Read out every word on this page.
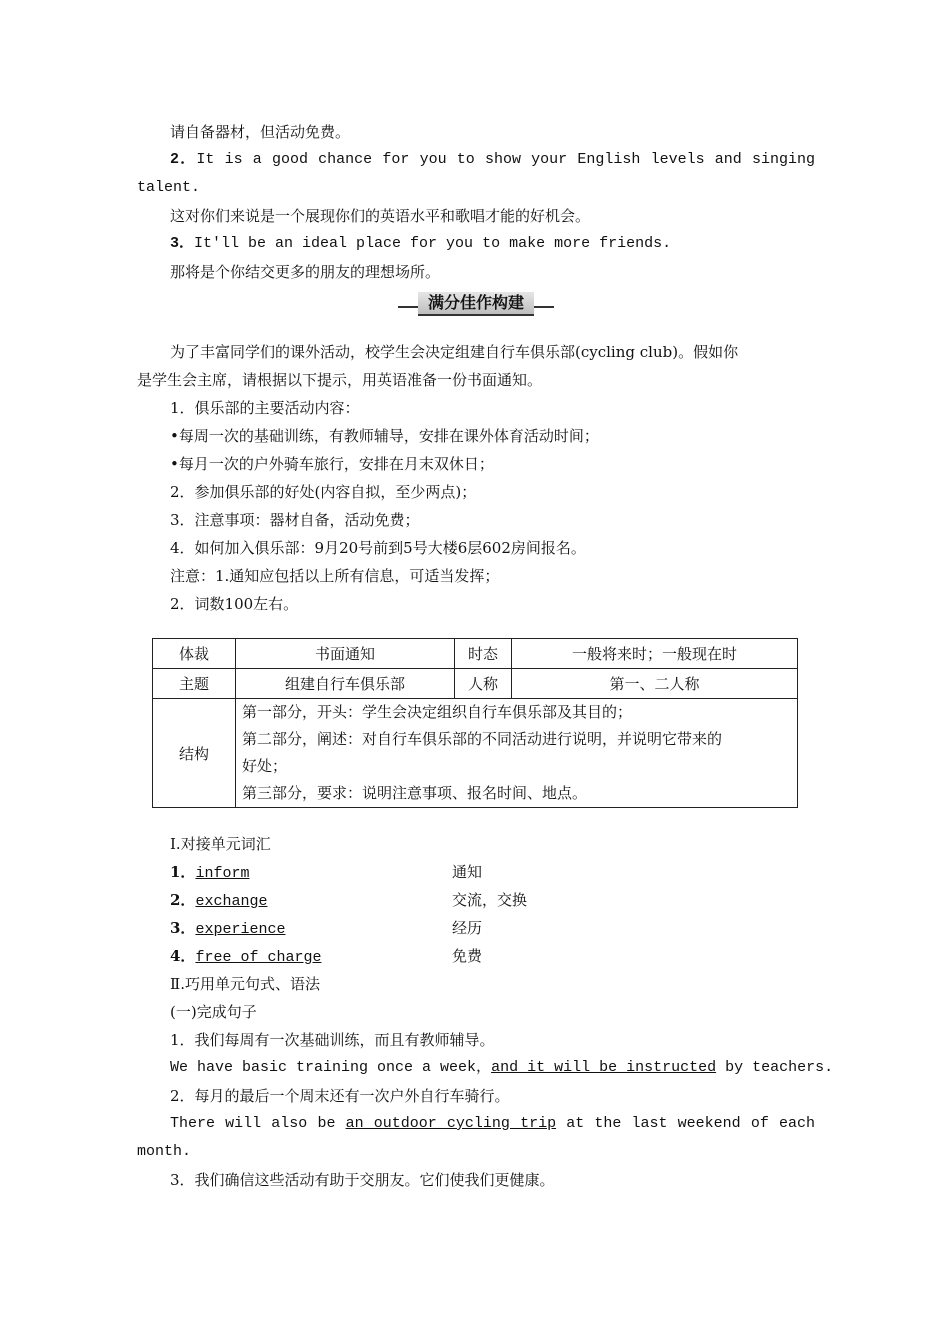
请自备器材，但活动免费。
2．It is a good chance for you to show your English levels and singing
talent.
这对你们来说是一个展现你们的英语水平和歌唱才能的好机会。
3．It'll be an ideal place for you to make more friends.
那将是个你结交更多的朋友的理想场所。
满分佳作构建
为了丰富同学们的课外活动，校学生会决定组建自行车俱乐部(cycling club)。假如你
是学生会主席，请根据以下提示，用英语准备一份书面通知。
1．俱乐部的主要活动内容：
•每周一次的基础训练，有教师辅导，安排在课外体育活动时间；
•每月一次的户外骑车旅行，安排在月末双休日；
2．参加俱乐部的好处(内容自拟，至少两点)；
3．注意事项：器材自备，活动免费；
4．如何加入俱乐部：9月20号前到5号大楼6层602房间报名。
注意：1.通知应包括以上所有信息，可适当发挥；
2．词数100左右。
体裁	书面通知	时态	一般将来时；一般现在时
主题	组建自行车俱乐部	人称	第一、二人称
结构	第一部分，开头：学生会决定组织自行车俱乐部及其目的；
第二部分，阐述：对自行车俱乐部的不同活动进行说明，并说明它带来的
好处；
第三部分，要求：说明注意事项、报名时间、地点。		
Ⅰ.对接单元词汇
1．inform	通知
2．exchange	交流，交换
3．experience	经历
4．free of charge	免费
Ⅱ.巧用单元句式、语法
(一)完成句子
1．我们每周有一次基础训练，而且有教师辅导。
We have basic training once a week，and it will be instructed by teachers.
2．每月的最后一个周末还有一次户外自行车骑行。
There will also be an outdoor cycling trip at the last weekend of each
month.
3．我们确信这些活动有助于交朋友。它们使我们更健康。
